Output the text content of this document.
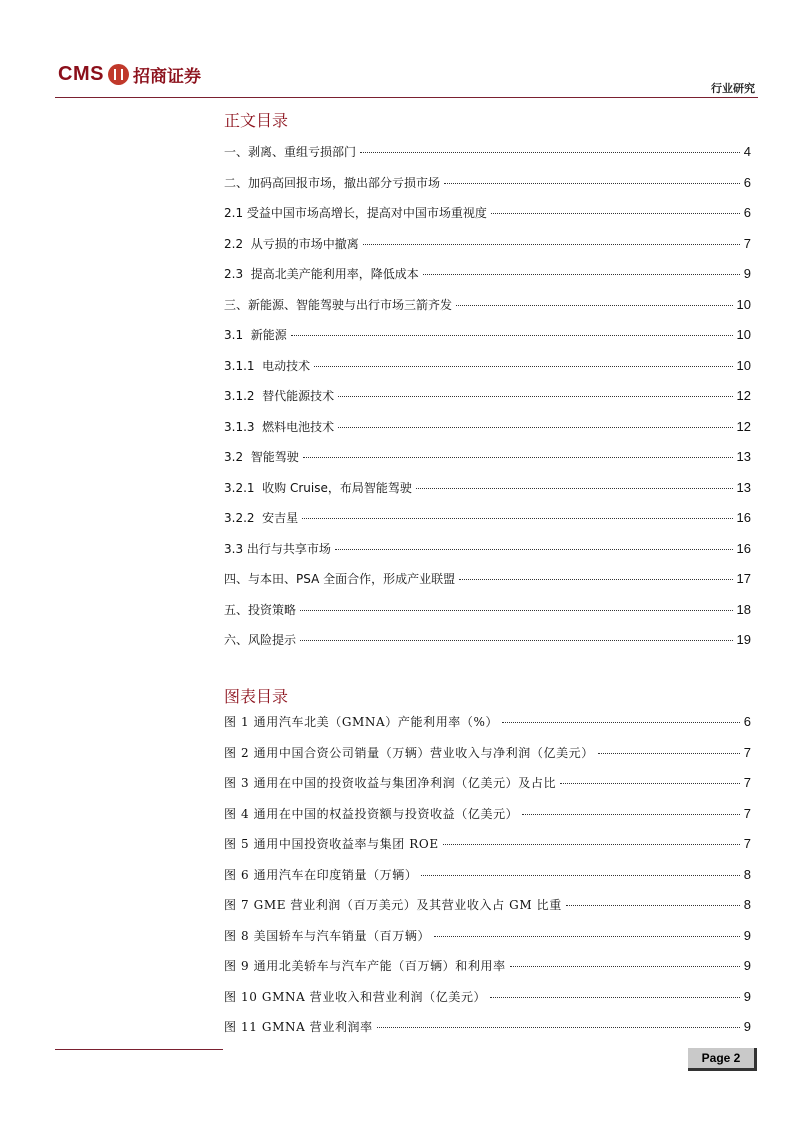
CMS 招商证券
行业研究
正文目录
一、剥离、重组亏损部门	4
二、加码高回报市场，撤出部分亏损市场	6
2.1 受益中国市场高增长，提高对中国市场重视度	6
2.2  从亏损的市场中撤离	7
2.3  提高北美产能利用率，降低成本	9
三、新能源、智能驾驶与出行市场三箭齐发	10
3.1  新能源	10
3.1.1  电动技术	10
3.1.2  替代能源技术	12
3.1.3  燃料电池技术	12
3.2  智能驾驶	13
3.2.1  收购 Cruise，布局智能驾驶	13
3.2.2  安吉星	16
3.3 出行与共享市场	16
四、与本田、PSA 全面合作，形成产业联盟	17
五、投资策略	18
六、风险提示	19
图表目录
图 1 通用汽车北美（GMNA）产能利用率（%）	6
图 2 通用中国合资公司销量（万辆）营业收入与净利润（亿美元）	7
图 3 通用在中国的投资收益与集团净利润（亿美元）及占比	7
图 4 通用在中国的权益投资额与投资收益（亿美元）	7
图 5 通用中国投资收益率与集团 ROE	7
图 6 通用汽车在印度销量（万辆）	8
图 7 GME 营业利润（百万美元）及其营业收入占 GM 比重	8
图 8 美国轿车与汽车销量（百万辆）	9
图 9 通用北美轿车与汽车产能（百万辆）和利用率	9
图 10 GMNA 营业收入和营业利润（亿美元）	9
图 11 GMNA 营业利润率	9
Page 2
